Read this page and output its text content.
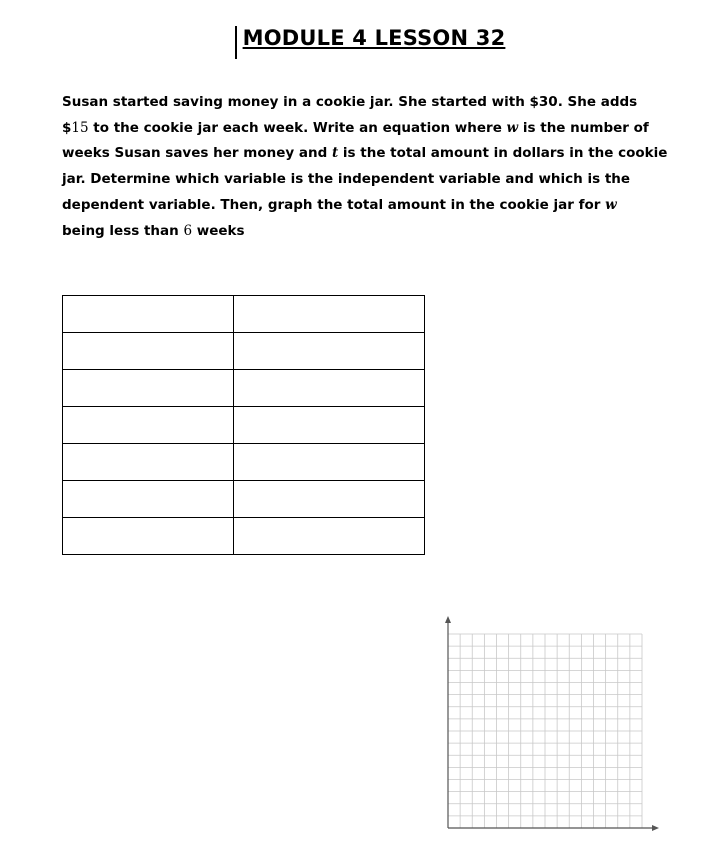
MODULE 4 LESSON 32
Susan started saving money in a cookie jar. She started with $30. She adds
$15 to the cookie jar each week. Write an equation where w is the number of
weeks Susan saves her money and t is the total amount in dollars in the cookie
jar. Determine which variable is the independent variable and which is the
dependent variable. Then, graph the total amount in the cookie jar for w
being less than 6 weeks
